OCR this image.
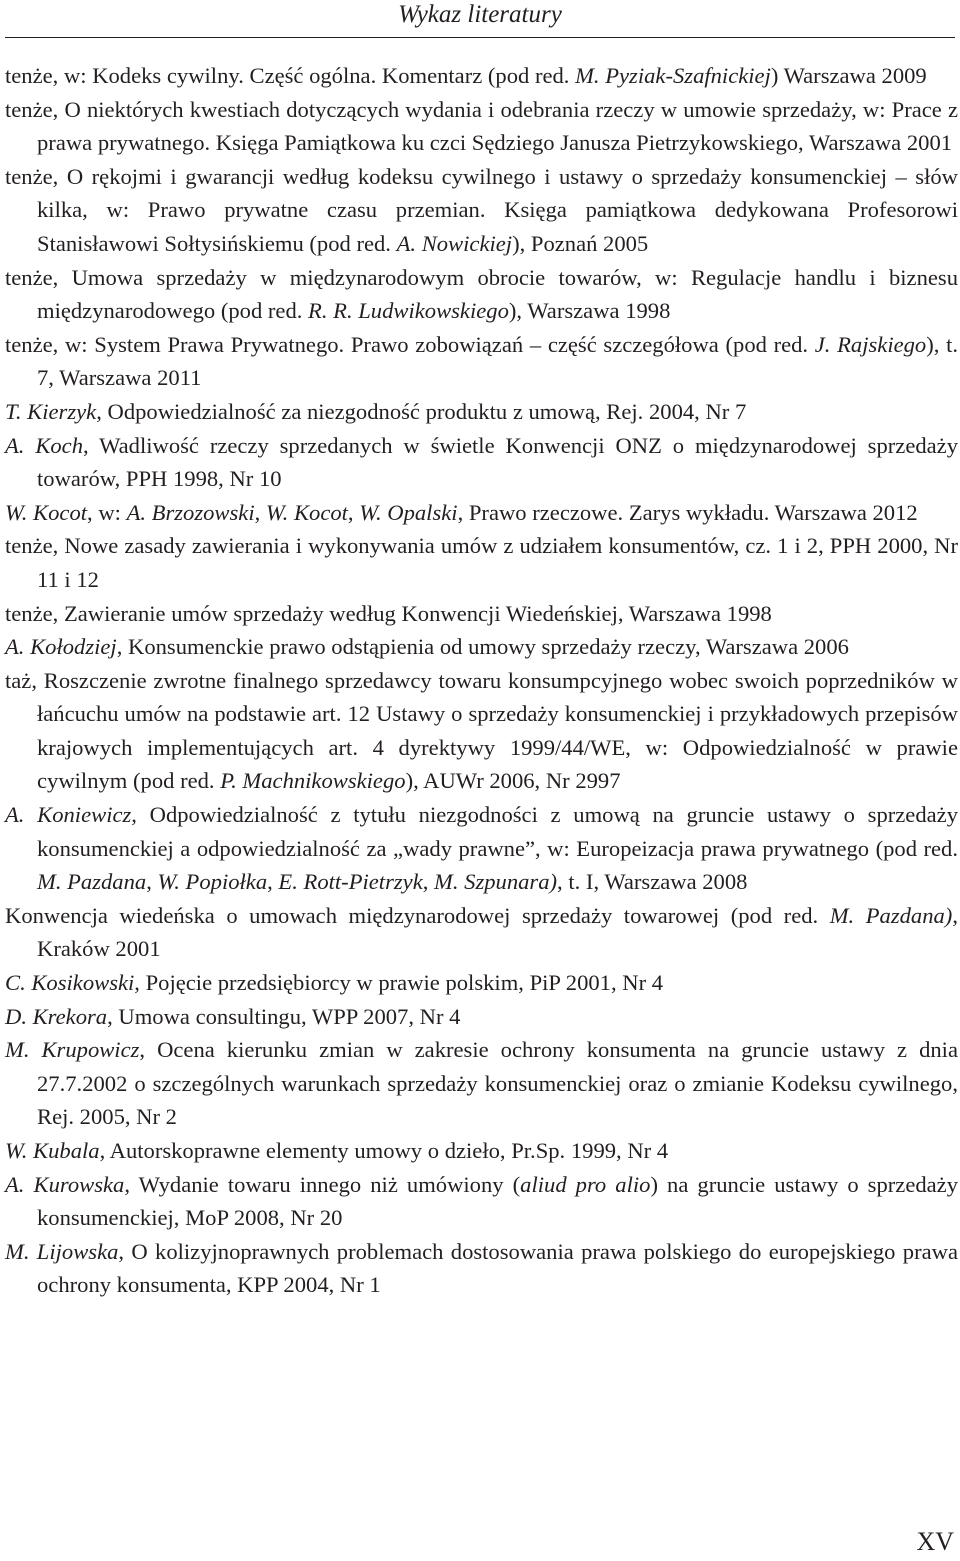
Wykaz literatury
tenże, w: Kodeks cywilny. Część ogólna. Komentarz (pod red. M. Pyziak-Szafnickiej) Warszawa 2009
tenże, O niektórych kwestiach dotyczących wydania i odebrania rzeczy w umowie sprzedaży, w: Prace z prawa prywatnego. Księga Pamiątkowa ku czci Sędziego Janusza Pietrzykowskiego, Warszawa 2001
tenże, O rękojmi i gwarancji według kodeksu cywilnego i ustawy o sprzedaży konsumenckiej – słów kilka, w: Prawo prywatne czasu przemian. Księga pamiątkowa dedykowana Profesorowi Stanisławowi Sołtysińskiemu (pod red. A. Nowickiej), Poznań 2005
tenże, Umowa sprzedaży w międzynarodowym obrocie towarów, w: Regulacje handlu i biznesu międzynarodowego (pod red. R. R. Ludwikowskiego), Warszawa 1998
tenże, w: System Prawa Prywatnego. Prawo zobowiązań – część szczegółowa (pod red. J. Rajskiego), t. 7, Warszawa 2011
T. Kierzyk, Odpowiedzialność za niezgodność produktu z umową, Rej. 2004, Nr 7
A. Koch, Wadliwość rzeczy sprzedanych w świetle Konwencji ONZ o międzynarodowej sprzedaży towarów, PPH 1998, Nr 10
W. Kocot, w: A. Brzozowski, W. Kocot, W. Opalski, Prawo rzeczowe. Zarys wykładu. Warszawa 2012
tenże, Nowe zasady zawierania i wykonywania umów z udziałem konsumentów, cz. 1 i 2, PPH 2000, Nr 11 i 12
tenże, Zawieranie umów sprzedaży według Konwencji Wiedeńskiej, Warszawa 1998
A. Kołodziej, Konsumenckie prawo odstąpienia od umowy sprzedaży rzeczy, Warszawa 2006
taż, Roszczenie zwrotne finalnego sprzedawcy towaru konsumpcyjnego wobec swoich poprzedników w łańcuchu umów na podstawie art. 12 Ustawy o sprzedaży konsumenckiej i przykładowych przepisów krajowych implementujących art. 4 dyrektywy 1999/44/WE, w: Odpowiedzialność w prawie cywilnym (pod red. P. Machnikowskiego), AUWr 2006, Nr 2997
A. Koniewicz, Odpowiedzialność z tytułu niezgodności z umową na gruncie ustawy o sprzedaży konsumenckiej a odpowiedzialność za „wady prawne”, w: Europeizacja prawa prywatnego (pod red. M. Pazdana, W. Popiołka, E. Rott-Pietrzyk, M. Szpunara), t. I, Warszawa 2008
Konwencja wiedeńska o umowach międzynarodowej sprzedaży towarowej (pod red. M. Pazdana), Kraków 2001
C. Kosikowski, Pojęcie przedsiębiorcy w prawie polskim, PiP 2001, Nr 4
D. Krekora, Umowa consultingu, WPP 2007, Nr 4
M. Krupowicz, Ocena kierunku zmian w zakresie ochrony konsumenta na gruncie ustawy z dnia 27.7.2002 o szczególnych warunkach sprzedaży konsumenckiej oraz o zmianie Kodeksu cywilnego, Rej. 2005, Nr 2
W. Kubala, Autorskoprawne elementy umowy o dzieło, Pr.Sp. 1999, Nr 4
A. Kurowska, Wydanie towaru innego niż umówiony (aliud pro alio) na gruncie ustawy o sprzedaży konsumenckiej, MoP 2008, Nr 20
M. Lijowska, O kolizyjnoprawnych problemach dostosowania prawa polskiego do europejskiego prawa ochrony konsumenta, KPP 2004, Nr 1
XV
